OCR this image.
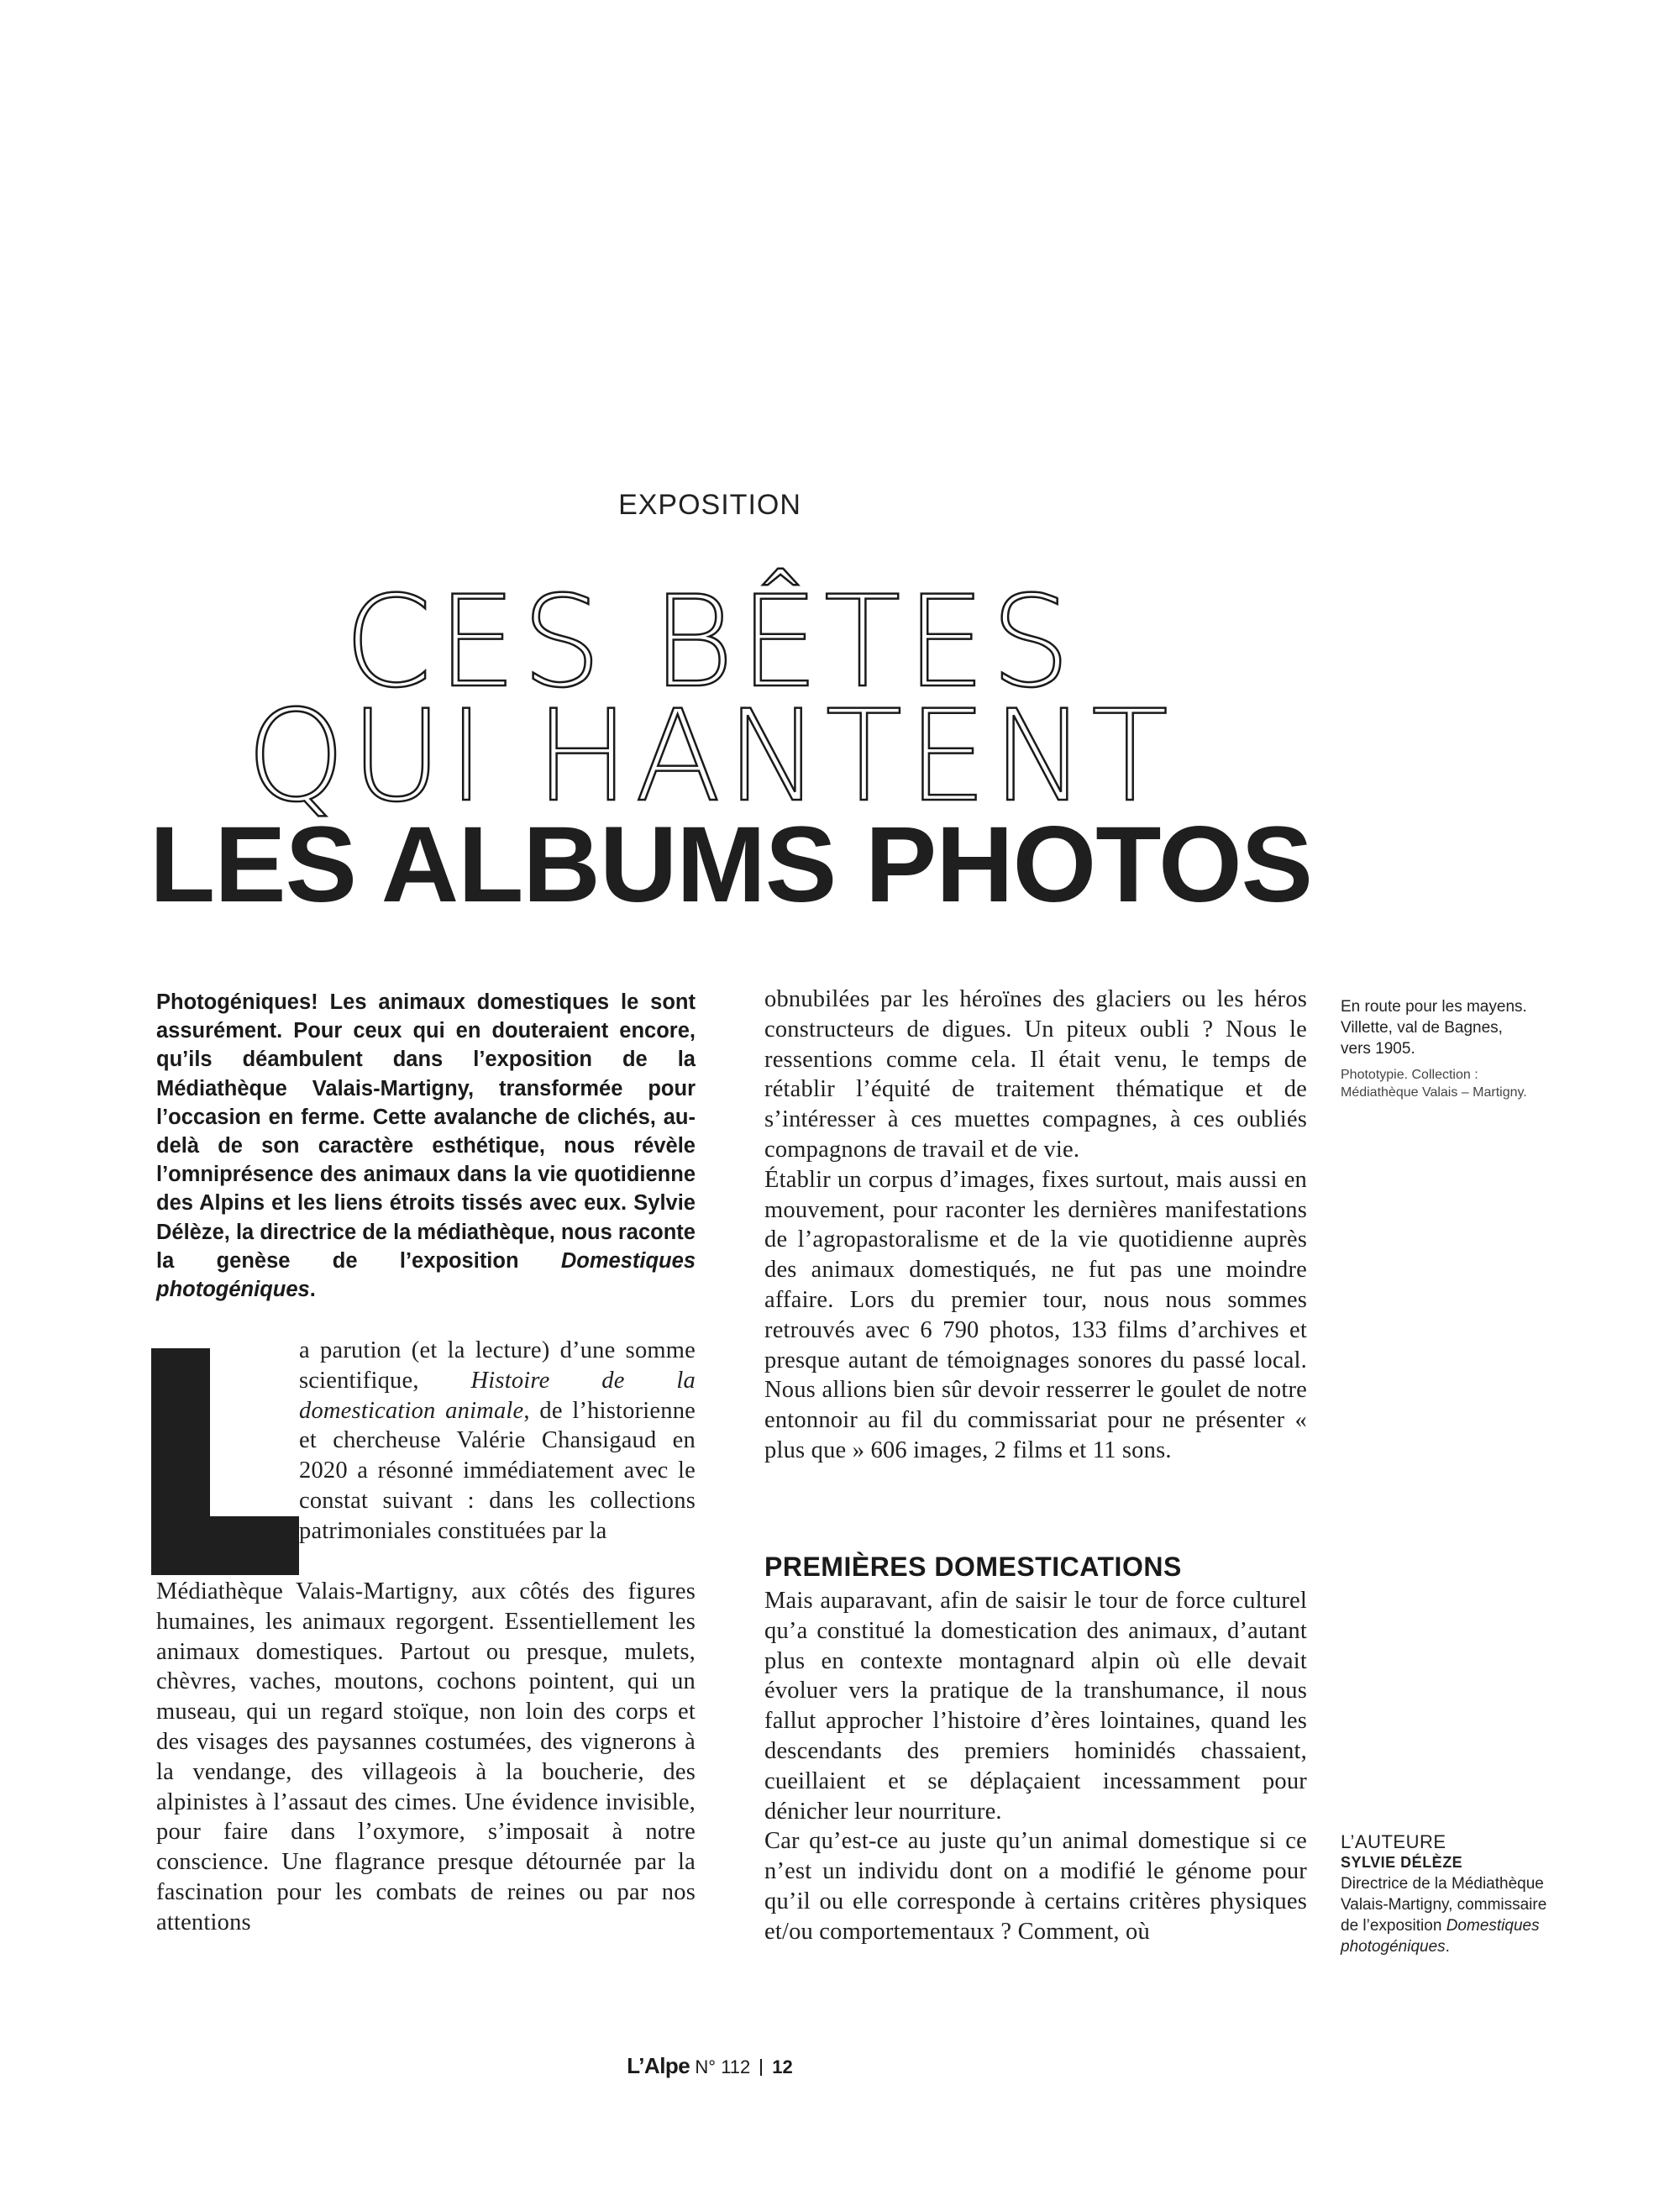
EXPOSITION
CES BÊTES
QUI HANTENT
LES ALBUMS PHOTOS
Photogéniques! Les animaux domestiques le sont assurément. Pour ceux qui en douteraient encore, qu’ils déambulent dans l’exposition de la Médiathèque Valais-Martigny, transformée pour l’occasion en ferme. Cette avalanche de clichés, au-delà de son caractère esthétique, nous révèle l’omniprésence des animaux dans la vie quotidienne des Alpins et les liens étroits tissés avec eux. Sylvie Délèze, la directrice de la médiathèque, nous raconte la genèse de l’exposition Domestiques photogéniques.
a parution (et la lecture) d’une somme scientifique, Histoire de la domestication animale, de l’historienne et chercheuse Valérie Chansigaud en 2020 a résonné immédiatement avec le constat suivant : dans les collections patrimoniales constituées par la
Médiathèque Valais-Martigny, aux côtés des figures humaines, les animaux regorgent. Essentiellement les animaux domestiques. Partout ou presque, mulets, chèvres, vaches, moutons, cochons pointent, qui un museau, qui un regard stoïque, non loin des corps et des visages des paysannes costumées, des vignerons à la vendange, des villageois à la boucherie, des alpinistes à l’assaut des cimes. Une évidence invisible, pour faire dans l’oxymore, s’imposait à notre conscience. Une flagrance presque détournée par la fascination pour les combats de reines ou par nos attentions

obnubilées par les héroïnes des glaciers ou les héros constructeurs de digues. Un piteux oubli ? Nous le ressentions comme cela. Il était venu, le temps de rétablir l’équité de traitement thématique et de s’intéresser à ces muettes compagnes, à ces oubliés compagnons de travail et de vie.

Établir un corpus d’images, fixes surtout, mais aussi en mouvement, pour raconter les dernières manifestations de l’agropastoralisme et de la vie quotidienne auprès des animaux domestiqués, ne fut pas une moindre affaire. Lors du premier tour, nous nous sommes retrouvés avec 6 790 photos, 133 films d’archives et presque autant de témoignages sonores du passé local. Nous allions bien sûr devoir resserrer le goulet de notre entonnoir au fil du commissariat pour ne présenter « plus que » 606 images, 2 films et 11 sons.

PREMIÈRES DOMESTICATIONS

Mais auparavant, afin de saisir le tour de force culturel qu’a constitué la domestication des animaux, d’autant plus en contexte montagnard alpin où elle devait évoluer vers la pratique de la transhumance, il nous fallut approcher l’histoire d’ères lointaines, quand les descendants des premiers hominidés chassaient, cueillaient et se déplaçaient incessamment pour dénicher leur nourriture.

Car qu’est-ce au juste qu’un animal domestique si ce n’est un individu dont on a modifié le génome pour qu’il ou elle corresponde à certains critères physiques et/ou comportementaux ? Comment, où

En route pour les mayens.
Villette, val de Bagnes,
vers 1905.
Phototypie. Collection :
Médiathèque Valais – Martigny.
L’AUTEURE
SYLVIE DÉLÈZE
Directrice de la Médiathèque Valais-Martigny, commissaire de l’exposition Domestiques photogéniques.
L’Alpe N° 112 12
